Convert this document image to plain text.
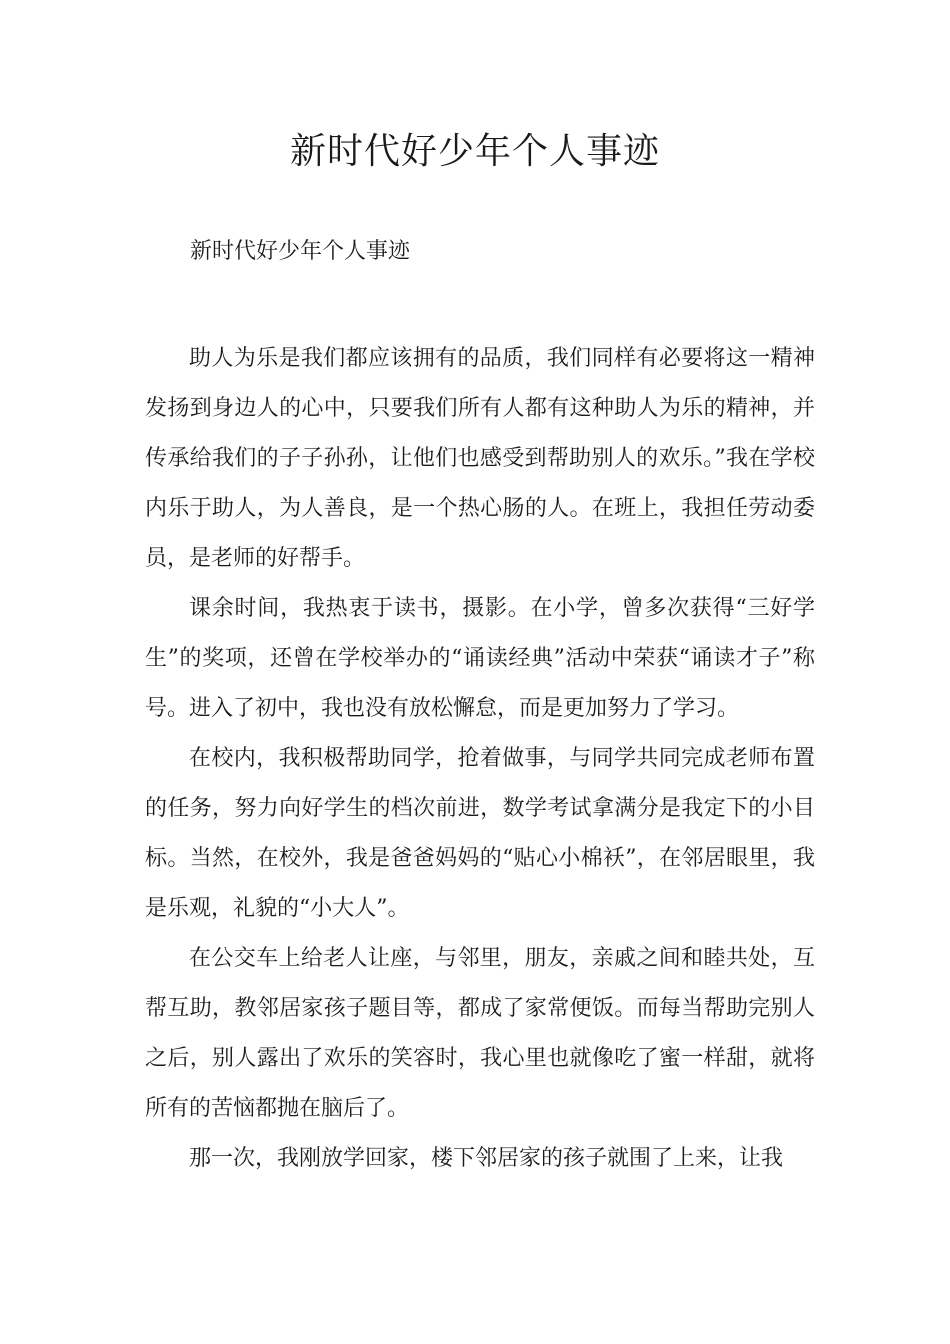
新时代好少年个人事迹

新时代好少年个人事迹

助人为乐是我们都应该拥有的品质，我们同样有必要将这一精神发扬到身边人的心中，只要我们所有人都有这种助人为乐的精神，并传承给我们的子子孙孙，让他们也感受到帮助别人的欢乐。”我在学校内乐于助人，为人善良，是一个热心肠的人。在班上，我担任劳动委员，是老师的好帮手。

课余时间，我热衷于读书，摄影。在小学，曾多次获得“三好学生”的奖项，还曾在学校举办的“诵读经典”活动中荣获“诵读才子”称号。进入了初中，我也没有放松懈怠，而是更加努力了学习。

在校内，我积极帮助同学，抢着做事，与同学共同完成老师布置的任务，努力向好学生的档次前进，数学考试拿满分是我定下的小目标。当然，在校外，我是爸爸妈妈的“贴心小棉袄”，在邻居眼里，我是乐观，礼貌的“小大人”。

在公交车上给老人让座，与邻里，朋友，亲戚之间和睦共处，互帮互助，教邻居家孩子题目等，都成了家常便饭。而每当帮助完别人之后，别人露出了欢乐的笑容时，我心里也就像吃了蜜一样甜，就将所有的苦恼都抛在脑后了。

那一次，我刚放学回家，楼下邻居家的孩子就围了上来，让我
